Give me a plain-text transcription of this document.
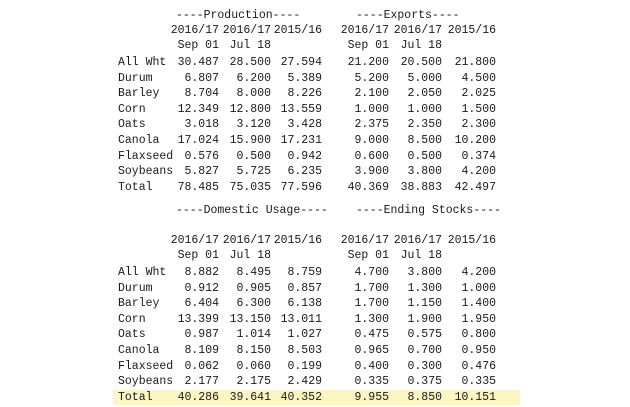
----Production----	----Exports----
2016/17 2016/17 2015/16 2016/17 2016/17 2015/16
Sep 01 Jul 18	Sep 01 Jul 18
All Wht 30.487 28.500 27.594 21.200 20.500 21.800
Durum	6.807 6.200 5.389	5.200 5.000 4.500
Barley 8.704 8.000 8.226	2.100 2.050 2.025
Corn	12.349 12.800 13.559	1.000 1.000 1.500
Oats	3.018 3.120 3.428	2.375 2.350 2.300
Canola 17.024 15.900 17.231	9.000 8.500 10.200
Flaxseed 0.576 0.500 0.942	0.600 0.500 0.374
Soybeans 5.827 5.725 6.235	3.900 3.800 4.200
Total 78.485 75.035 77.596 40.369 38.883 42.497
----Domestic Usage---- ----Ending Stocks----
2016/17 2016/17 2015/16 2016/17 2016/17 2015/16
Sep 01 Jul 18	Sep 01 Jul 18
All Wht 8.882 8.495 8.759	4.700 3.800 4.200
Durum	0.912 0.905 0.857	1.700 1.300 1.000
Barley 6.404 6.300 6.138	1.700 1.150 1.400
Corn	13.399 13.150 13.011	1.300 1.900 1.950
Oats	0.987 1.014 1.027	0.475 0.575 0.800
Canola 8.109 8.150 8.503	0.965 0.700 0.950
Flaxseed 0.062 0.060 0.199	0.400 0.300 0.476
Soybeans 2.177 2.175 2.429	0.335 0.375 0.335
Total 40.286 39.641 40.352	9.955 8.850 10.151
